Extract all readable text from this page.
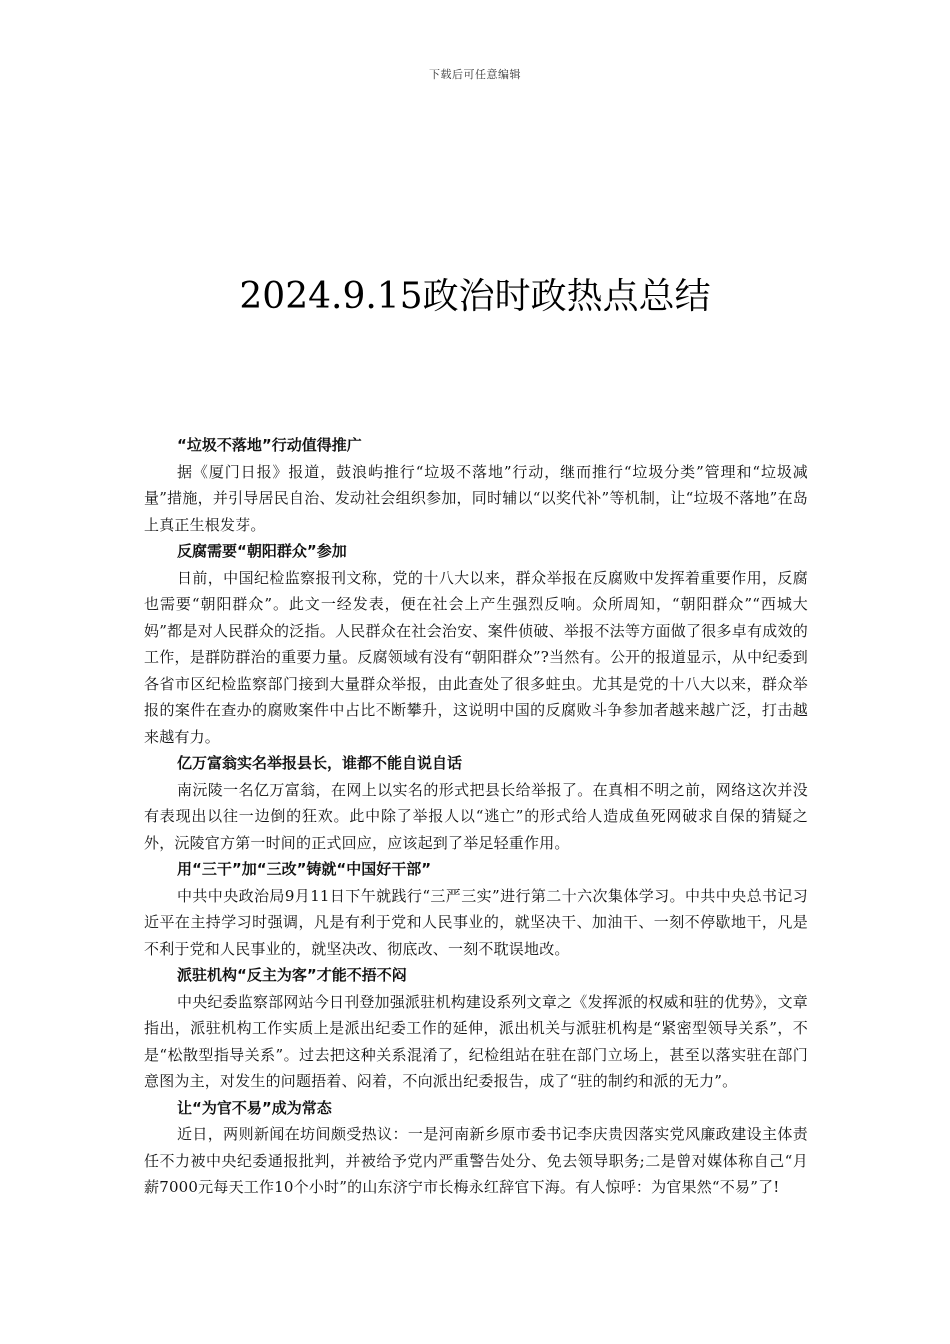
下载后可任意编辑
2024.9.15政治时政热点总结

“垃圾不落地”行动值得推广

据《厦门日报》报道，鼓浪屿推行“垃圾不落地”行动，继而推行“垃圾分类”管理和“垃圾减量”措施，并引导居民自治、发动社会组织参加，同时辅以“以奖代补”等机制，让“垃圾不落地”在岛上真正生根发芽。

反腐需要“朝阳群众”参加

日前，中国纪检监察报刊文称，党的十八大以来，群众举报在反腐败中发挥着重要作用，反腐也需要“朝阳群众”。此文一经发表，便在社会上产生强烈反响。众所周知，“朝阳群众”“西城大妈”都是对人民群众的泛指。人民群众在社会治安、案件侦破、举报不法等方面做了很多卓有成效的工作，是群防群治的重要力量。反腐领域有没有“朝阳群众”?当然有。公开的报道显示，从中纪委到各省市区纪检监察部门接到大量群众举报，由此查处了很多蛀虫。尤其是党的十八大以来，群众举报的案件在查办的腐败案件中占比不断攀升，这说明中国的反腐败斗争参加者越来越广泛，打击越来越有力。

亿万富翁实名举报县长，谁都不能自说自话

南沅陵一名亿万富翁，在网上以实名的形式把县长给举报了。在真相不明之前，网络这次并没有表现出以往一边倒的狂欢。此中除了举报人以“逃亡”的形式给人造成鱼死网破求自保的猜疑之外，沅陵官方第一时间的正式回应，应该起到了举足轻重作用。

用“三干”加“三改”铸就“中国好干部”

中共中央政治局9月11日下午就践行“三严三实”进行第二十六次集体学习。中共中央总书记习近平在主持学习时强调，凡是有利于党和人民事业的，就坚决干、加油干、一刻不停歇地干，凡是不利于党和人民事业的，就坚决改、彻底改、一刻不耽误地改。

派驻机构“反主为客”才能不捂不闷

中央纪委监察部网站今日刊登加强派驻机构建设系列文章之《发挥派的权威和驻的优势》，文章指出，派驻机构工作实质上是派出纪委工作的延伸，派出机关与派驻机构是“紧密型领导关系”，不是“松散型指导关系”。过去把这种关系混淆了，纪检组站在驻在部门立场上，甚至以落实驻在部门意图为主，对发生的问题捂着、闷着，不向派出纪委报告，成了“驻的制约和派的无力”。

让“为官不易”成为常态

近日，两则新闻在坊间颇受热议：一是河南新乡原市委书记李庆贵因落实党风廉政建设主体责任不力被中央纪委通报批判，并被给予党内严重警告处分、免去领导职务;二是曾对媒体称自己“月薪7000元每天工作10个小时”的山东济宁市长梅永红辞官下海。有人惊呼：为官果然“不易”了!
